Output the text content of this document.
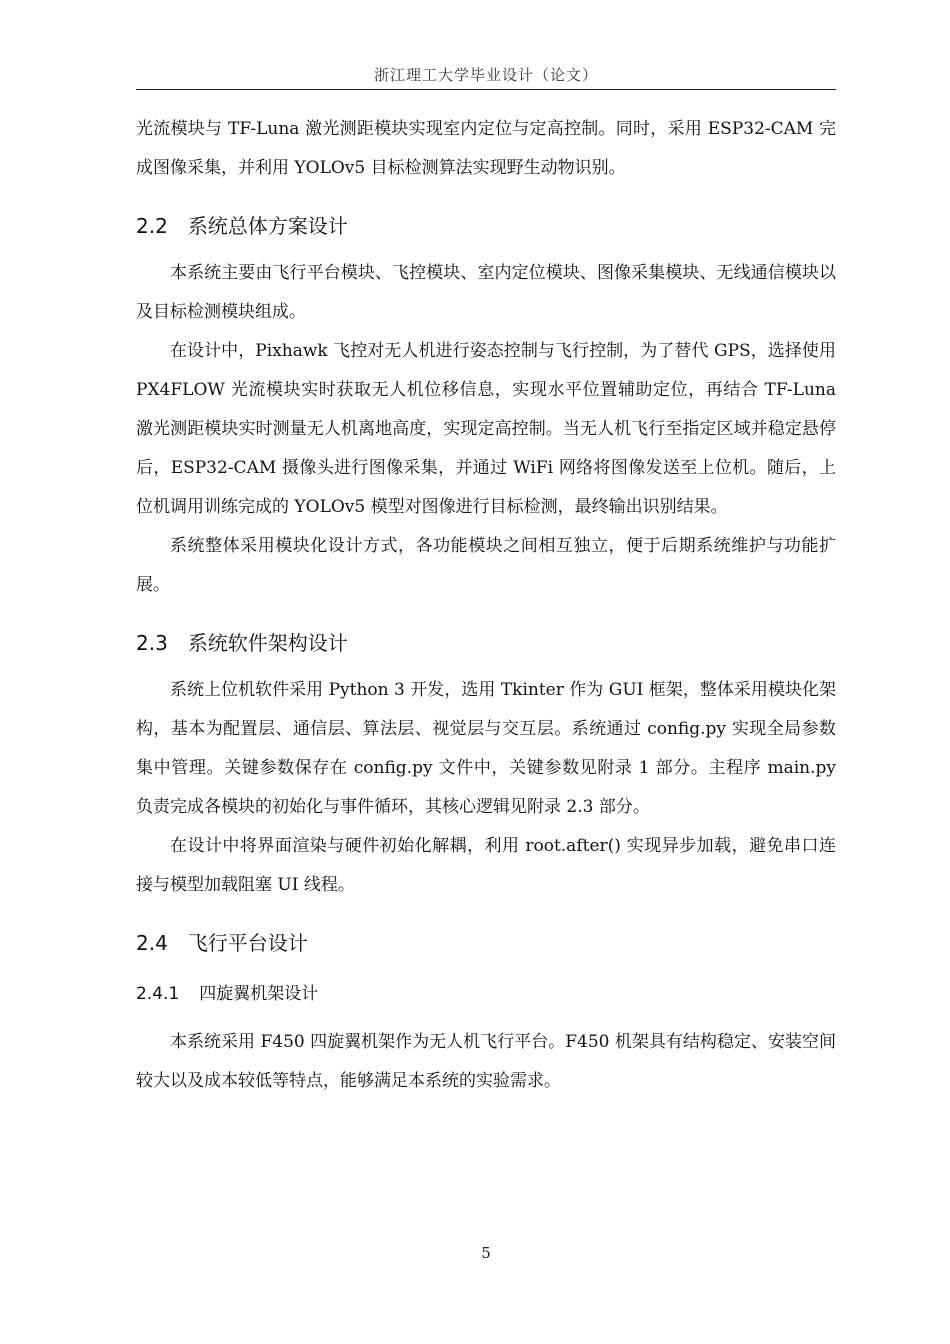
浙江理工大学毕业设计（论文）

光流模块与 TF-Luna 激光测距模块实现室内定位与定高控制。同时，采用 ESP32-CAM 完成图像采集，并利用 YOLOv5 目标检测算法实现野生动物识别。

2.2 系统总体方案设计

本系统主要由飞行平台模块、飞控模块、室内定位模块、图像采集模块、无线通信模块以及目标检测模块组成。

在设计中，Pixhawk 飞控对无人机进行姿态控制与飞行控制，为了替代 GPS，选择使用 PX4FLOW 光流模块实时获取无人机位移信息，实现水平位置辅助定位，再结合 TF-Luna 激光测距模块实时测量无人机离地高度，实现定高控制。当无人机飞行至指定区域并稳定悬停后，ESP32-CAM 摄像头进行图像采集，并通过 WiFi 网络将图像发送至上位机。随后，上位机调用训练完成的 YOLOv5 模型对图像进行目标检测，最终输出识别结果。

系统整体采用模块化设计方式，各功能模块之间相互独立，便于后期系统维护与功能扩展。

2.3 系统软件架构设计

系统上位机软件采用 Python 3 开发，选用 Tkinter 作为 GUI 框架，整体采用模块化架构，基本为配置层、通信层、算法层、视觉层与交互层。系统通过 config.py 实现全局参数集中管理。关键参数保存在 config.py 文件中，关键参数见附录 1 部分。主程序 main.py 负责完成各模块的初始化与事件循环，其核心逻辑见附录 2.3 部分。

在设计中将界面渲染与硬件初始化解耦，利用 root.after() 实现异步加载，避免串口连接与模型加载阻塞 UI 线程。

2.4 飞行平台设计
2.4.1 四旋翼机架设计

本系统采用 F450 四旋翼机架作为无人机飞行平台。F450 机架具有结构稳定、安装空间较大以及成本较低等特点，能够满足本系统的实验需求。

5
